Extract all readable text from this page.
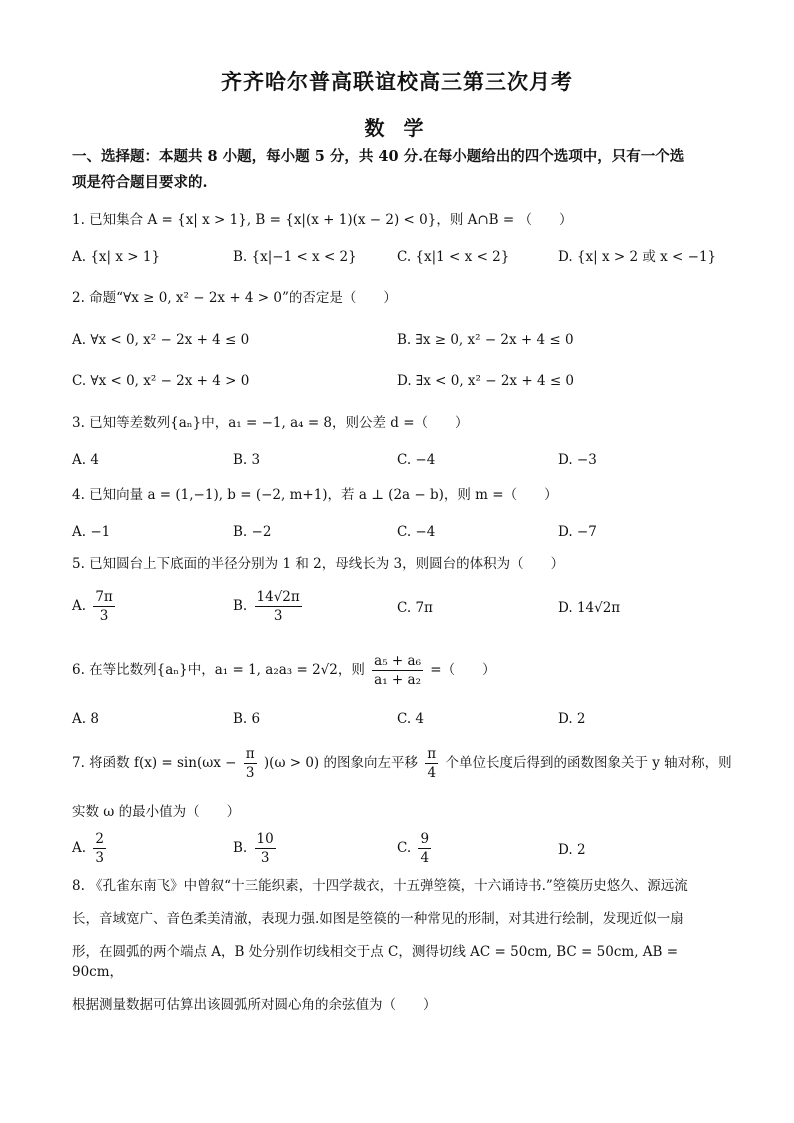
齐齐哈尔普高联谊校高三第三次月考
数 学
一、选择题：本题共 8 小题，每小题 5 分，共 40 分.在每小题给出的四个选项中，只有一个选
项是符合题目要求的.
1. 已知集合 A = {x| x > 1}, B = {x|(x + 1)(x − 2) < 0}，则 A∩B = （　　）
A. {x| x > 1}	B. {x|−1 < x < 2}	C. {x|1 < x < 2}	D. {x| x > 2 或 x < −1}
2. 命题“∀x ≥ 0, x² − 2x + 4 > 0”的否定是（　　）
A. ∀x < 0, x² − 2x + 4 ≤ 0	B. ∃x ≥ 0, x² − 2x + 4 ≤ 0
C. ∀x < 0, x² − 2x + 4 > 0	D. ∃x < 0, x² − 2x + 4 ≤ 0
3. 已知等差数列{aₙ}中，a₁ = −1, a₄ = 8，则公差 d =（　　）
A. 4	B. 3	C. −4	D. −3
4. 已知向量 a = (1,−1), b = (−2, m+1)，若 a ⊥ (2a − b)，则 m =（　　）
A. −1	B. −2	C. −4	D. −7
5. 已知圆台上下底面的半径分别为 1 和 2，母线长为 3，则圆台的体积为（　　）
A. $\frac{7\pi}{3}$	B. $\frac{14√2\pi}{3}$	C. 7π	D. 14√2π
6. 在等比数列{aₙ}中，a₁ = 1, a₂a₃ = 2√2，则 $\frac{\text{a₅ + a₆}}{\text{a₁ + a₂}}$ =（　　）
A. 8	B. 6	C. 4	D. 2
7. 将函数 $f(x) = \sin(\omega x - \frac{\pi}{3} )(\omega > 0)$ 的图象向左平移 $\frac{\pi}{4}$ 个单位长度后得到的函数图象关于 y 轴对称，则
实数 ω 的最小值为（　　）
A. $\frac{2}{3}$	B. $\frac{10}{3}$	C. $\frac{9}{4}$	D. 2
8. 《孔雀东南飞》中曾叙“十三能织素，十四学裁衣，十五弹箜篌，十六诵诗书.”箜篌历史悠久、源远流
长，音域宽广、音色柔美清澈，表现力强.如图是箜篌的一种常见的形制，对其进行绘制，发现近似一扇
形，在圆弧的两个端点 A，B 处分别作切线相交于点 C，测得切线 AC = 50cm, BC = 50cm, AB = 90cm，
根据测量数据可估算出该圆弧所对圆心角的余弦值为（　　）
